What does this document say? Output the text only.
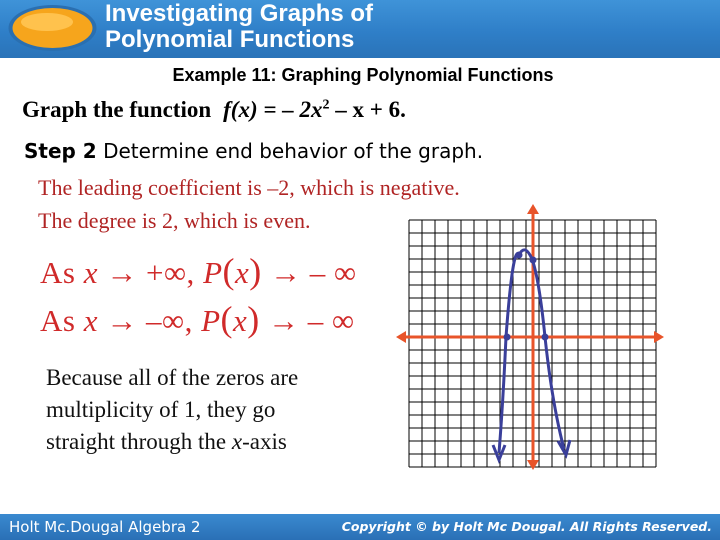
Investigating Graphs of
Polynomial Functions
Example 11: Graphing Polynomial Functions
Graph the function f(x) = – $2x^2 - x + 6$.
Step 2 Determine end behavior of the graph.
The leading coefficient is –2, which is negative.
The degree is 2, which is even.
As x → +∞, P(x) → – ∞
As x → –∞, P(x) → – ∞
Because all of the zeros are
multiplicity of 1, they go
straight through the x-axis
Holt Mc.Dougal Algebra 2	Copyright © by Holt Mc Dougal. All Rights Reserved.
